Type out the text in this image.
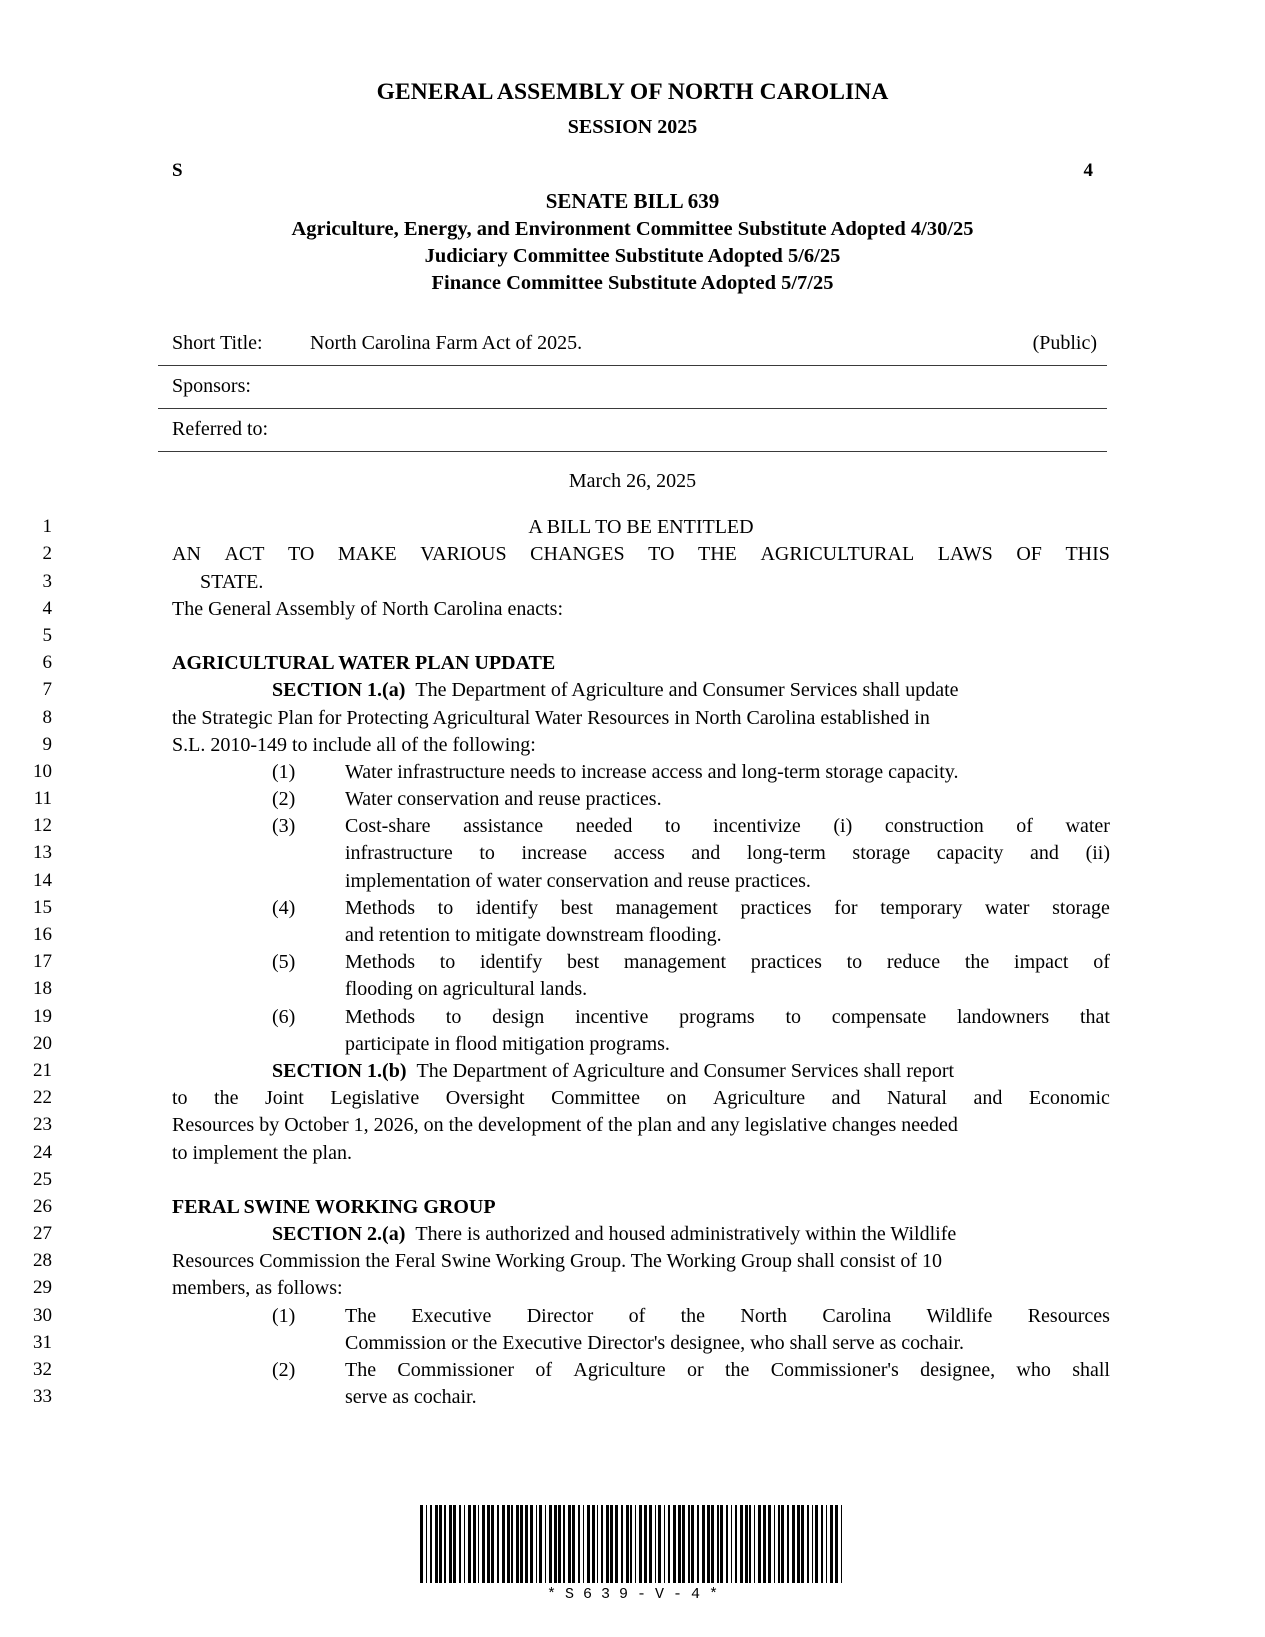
GENERAL ASSEMBLY OF NORTH CAROLINA
SESSION 2025
S	4
SENATE BILL 639
Agriculture, Energy, and Environment Committee Substitute Adopted 4/30/25
Judiciary Committee Substitute Adopted 5/6/25
Finance Committee Substitute Adopted 5/7/25
Short Title: North Carolina Farm Act of 2025.	(Public)
Sponsors:
Referred to:
March 26, 2025
1	A BILL TO BE ENTITLED
2	AN ACT TO MAKE VARIOUS CHANGES TO THE AGRICULTURAL LAWS OF THIS
3	STATE.
4	The General Assembly of North Carolina enacts:
5
6	AGRICULTURAL WATER PLAN UPDATE
7	SECTION 1.(a)  The Department of Agriculture and Consumer Services shall update
8	the Strategic Plan for Protecting Agricultural Water Resources in North Carolina established in
9	S.L. 2010-149 to include all of the following:
10	(1) Water infrastructure needs to increase access and long-term storage capacity.
11	(2) Water conservation and reuse practices.
12	(3) Cost-share assistance needed to incentivize (i) construction of water
13	infrastructure to increase access and long-term storage capacity and (ii)
14	implementation of water conservation and reuse practices.
15	(4) Methods to identify best management practices for temporary water storage
16	and retention to mitigate downstream flooding.
17	(5) Methods to identify best management practices to reduce the impact of
18	flooding on agricultural lands.
19	(6) Methods to design incentive programs to compensate landowners that
20	participate in flood mitigation programs.
21	SECTION 1.(b)  The Department of Agriculture and Consumer Services shall report
22	to the Joint Legislative Oversight Committee on Agriculture and Natural and Economic
23	Resources by October 1, 2026, on the development of the plan and any legislative changes needed
24	to implement the plan.
25
26	FERAL SWINE WORKING GROUP
27	SECTION 2.(a)  There is authorized and housed administratively within the Wildlife
28	Resources Commission the Feral Swine Working Group. The Working Group shall consist of 10
29	members, as follows:
30	(1) The Executive Director of the North Carolina Wildlife Resources
31	Commission or the Executive Director's designee, who shall serve as cochair.
32	(2) The Commissioner of Agriculture or the Commissioner's designee, who shall
33	serve as cochair.
*S639-V-4*
